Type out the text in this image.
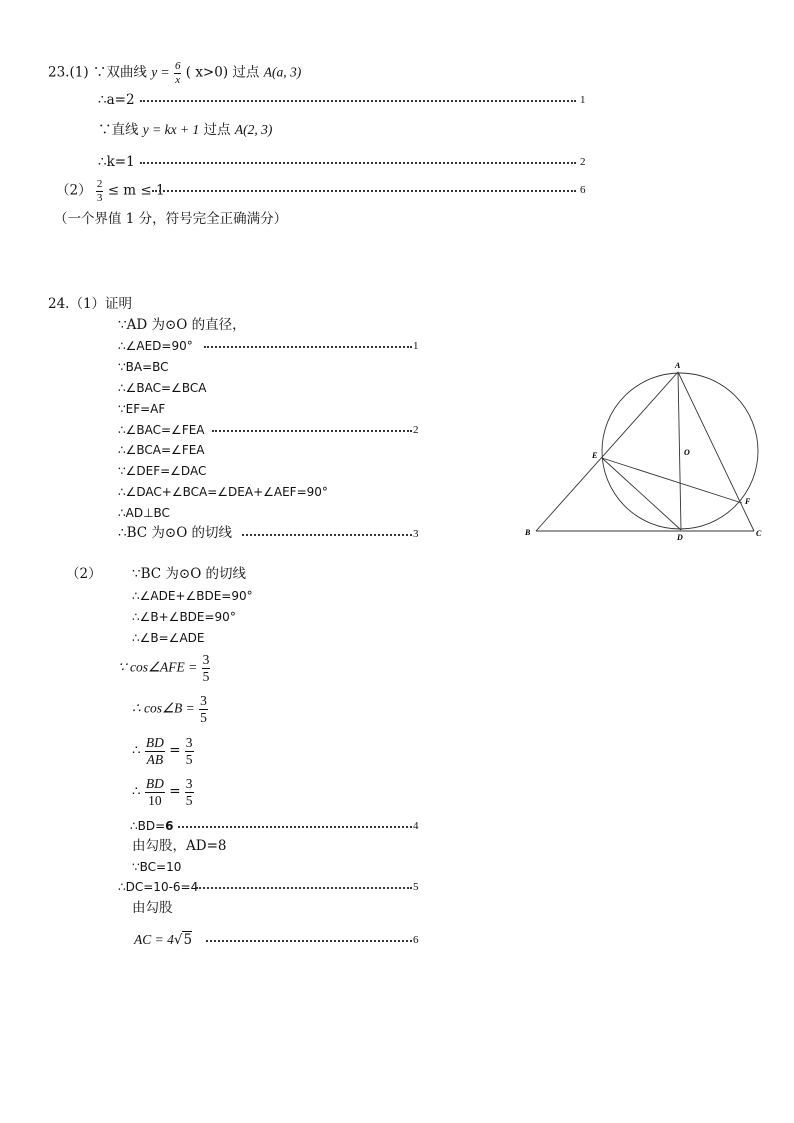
23.(1) ∵双曲线 $y = \frac{6}{x}$ ( x>0) 过点 A(a, 3)
∴a=2	1
∵直线 y = kx + 1 过点 A(2, 3)
∴k=1	2
$(2) \frac{2}{3} \le m \le 1$	6
（一个界值 1 分，符号完全正确满分）
24.（1）证明
∵AD 为⊙O 的直径，
∴∠AED=90°	1
∵BA=BC
∴∠BAC=∠BCA
∵EF=AF
∴∠BAC=∠FEA	2
∴∠BCA=∠FEA
∵∠DEF=∠DAC
∴∠DAC+∠BCA=∠DEA+∠AEF=90°
∴AD⊥BC
∴BC 为⊙O 的切线	3
A
O
E
F
B
D	C
（2） ∵BC 为⊙O 的切线
∴∠ADE+∠BDE=90°
∴∠B+∠BDE=90°
∴∠B=∠ADE
∵ cos∠AFE = $\frac{3}{5}$
∴ cos∠B = $\frac{3}{5}$
∴ $\frac{BD}{AB} = \frac{3}{5}$
∴ $\frac{BD}{10} = \frac{3}{5}$
∴BD=6	4
由勾股，AD=8
∵BC=10
∴DC=10-6=4	5
由勾股
AC = 4√5	6
